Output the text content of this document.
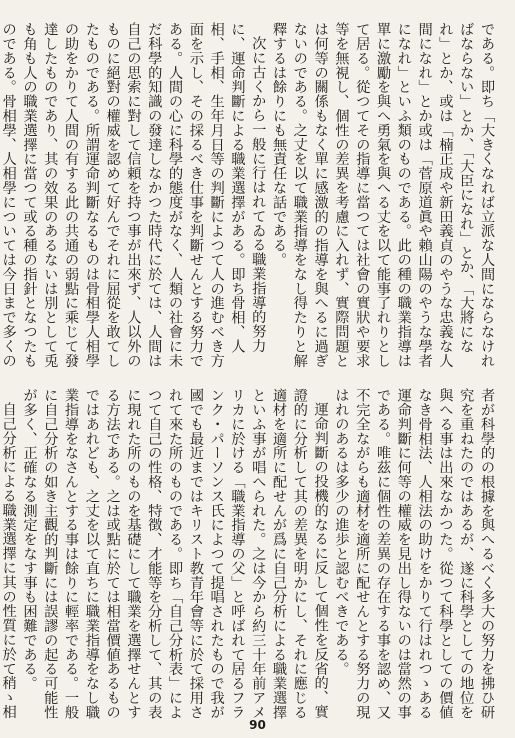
である。即ち「大きくなれば立派な人間にならなければならない」とか、「大臣になれ」とか、「大將になれ」とか、或は「楠正成や新田義貞のやうな忠義な人間になれ」とか或は「菅原道眞や賴山陽のやうな學者になれ」といふ類のものである。此の種の職業指導は單に激勵を與へ勇氣を與へる丈を以て能事了れりとして居る。從つてその指導に當つては社會の實狀や要求等を無視し、個性の差異を考慮に入れず、實際問題とは何等の關係もなく單に感激的の指導を與へるに過ぎないのである。之丈を以て職業指導をなし得たりと解釋するは餘りにも無責任な話である。

次に古くから一般に行はれてゐる職業指導的努力に、運命判斷による職業選擇がある。即ち骨相、人相、手相、生年月日等の判斷によつて人の進むべき方面を示し、その採るべき仕事を判斷せんとする努力である。人間の心に科學的態度がなく、人類の社會に未だ科學的知識の發達しなかつた時代に於ては、人間は自己の思索に對して信頼を持つ事が出來ず、人以外のものに絕對の權威を認めて好んでそれに屈從を敢てしたものである。所謂運命判斷なるものは骨相學人相學の助をかりて人間の有する此の共通の弱點に乘じて發達したものであり、其の效果のあるないは別として兎も角も人の職業選擇に當つて或る種の指針となつたものである。骨相學、人相學については今日まで多くの

者が科學的の根據を與へるべく多大の努力を拂ひ研究を重ねたのではあるが、遂に科學としての地位を與へる事は出來なかつた。從つて科學としての價値なき骨相法、人相法の助けをかりて行はれつゝある運命判斷に何等の權威を見出し得ないのは當然の事である。唯茲に個性の差異の存在する事を認め、又不完全ながらも適材を適所に配せんとする努力の現はれのあるは多少の進歩と認むべきである。

運命判斷の投機的なるに反して個性を反省的、實證的に分析して其の差異を明かにし、それに應じる適材を適所に配せんが爲に自己分析による職業選擇といふ事が唱へられた。之は今から約三十年前アメリカに於ける「職業指導の父」と呼ばれて居るフランク・パーソンス氏によつて提唱されたもので我が國でも最近まではキリスト教青年會等に於て採用されて來た所のものである。即ち「自己分析表」によつて自己の性格、特徴、才能等を分析して、其の表に現れた所のものを基礎にして職業を選擇せんとする方法である。之は或點に於ては相當價値あるものではあれども、之丈を以て直ちに職業指導をなし職業指導をなさんとする事は餘りに輕率である。一般に自己分析の如き主觀的判斷には誤謬の起る可能性が多く、正確なる測定をなす事も困難である。

自己分析による職業選擇に其の性質に於て稍ゝ相

90
